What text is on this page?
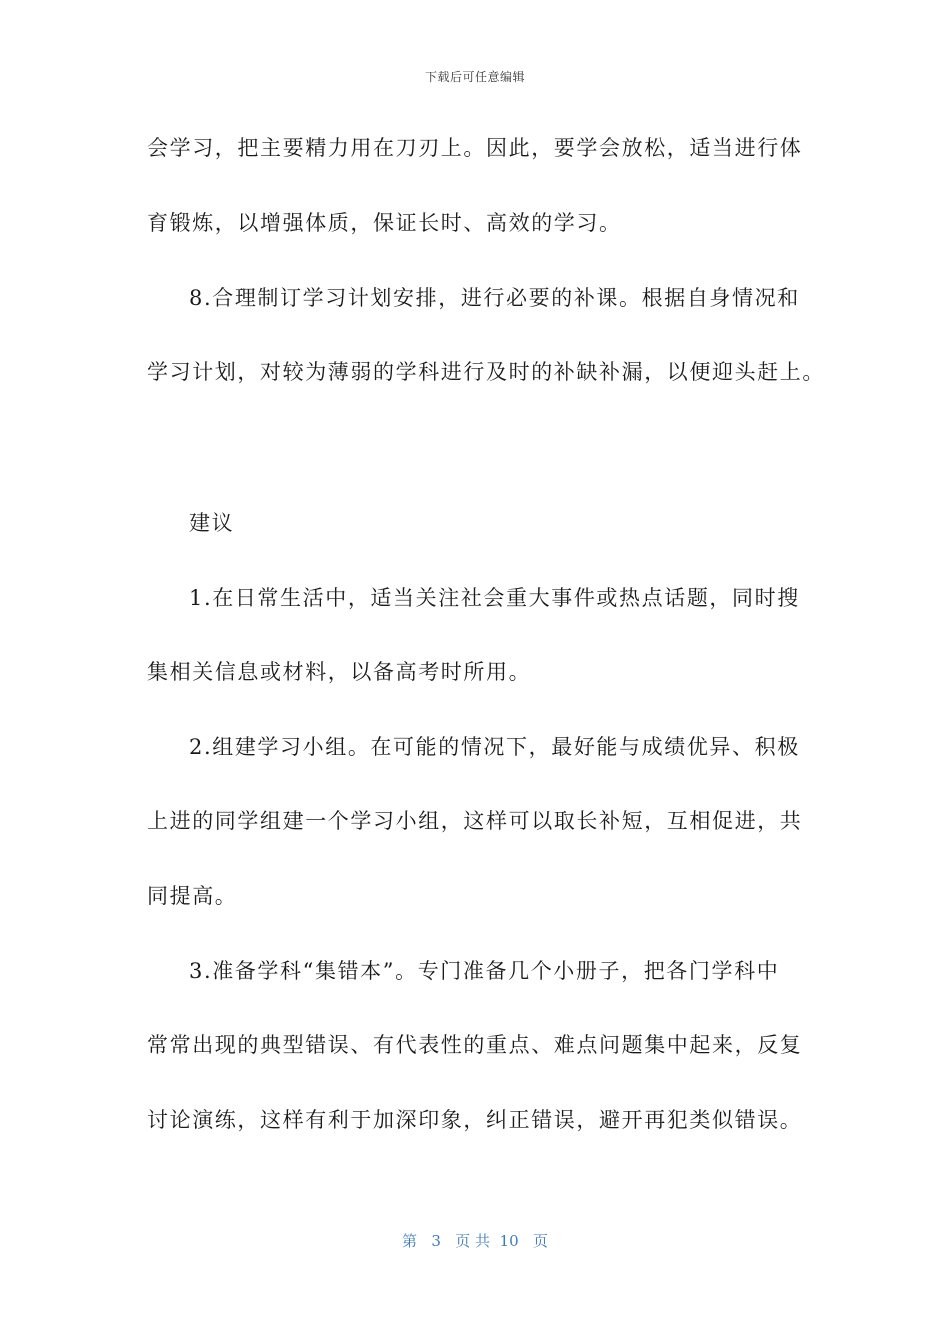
下载后可任意编辑
会学习，把主要精力用在刀刃上。因此，要学会放松，适当进行体
育锻炼，以增强体质，保证长时、高效的学习。
8.合理制订学习计划安排，进行必要的补课。根据自身情况和
学习计划，对较为薄弱的学科进行及时的补缺补漏，以便迎头赶上。
建议
1.在日常生活中，适当关注社会重大事件或热点话题，同时搜
集相关信息或材料，以备高考时所用。
2.组建学习小组。在可能的情况下，最好能与成绩优异、积极
上进的同学组建一个学习小组，这样可以取长补短，互相促进，共
同提高。
3.准备学科“集错本”。专门准备几个小册子，把各门学科中
常常出现的典型错误、有代表性的重点、难点问题集中起来，反复
讨论演练，这样有利于加深印象，纠正错误，避开再犯类似错误。
第 3 页 共 10 页
